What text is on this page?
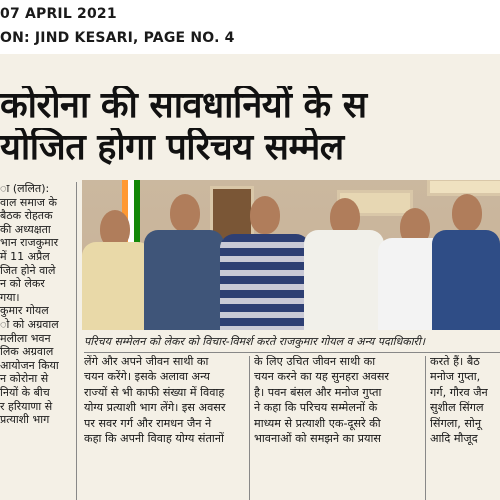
07 APRIL 2021
ON: JIND KESARI, PAGE NO. 4
कोरोना की सावधानियों के स
योजित होगा परिचय सम्मेल
ा (ललित):
वाल समाज के
बैठक रोहतक
की अध्यक्षता
भान राजकुमार
में 11 अप्रैल
जित होने वाले
न को लेकर
गया।
कुमार गोयल
ो को अग्रवाल
मलीला भवन
लिक अग्रवाल
आयोजन किया
न कोरोना से
नियों के बीच
र हरियाणा से
प्रत्याशी भाग
परिचय सम्मेलन को लेकर को विचार-विमर्श करते राजकुमार गोयल व अन्य पदाधिकारी।
लेंगे और अपने जीवन साथी का
चयन करेंगे। इसके अलावा अन्य
राज्यों से भी काफी संख्या में विवाह
योग्य प्रत्याशी भाग लेंगे। इस अवसर
पर सवर गर्ग और रामधन जैन ने
कहा कि अपनी विवाह योग्य संतानों
के लिए उचित जीवन साथी का
चयन करने का यह सुनहरा अवसर
है। पवन बंसल और मनोज गुप्ता
ने कहा कि परिचय सम्मेलनों के
माध्यम से प्रत्याशी एक-दूसरे की
भावनाओं को समझने का प्रयास
करते हैं। बैठ
मनोज गुप्ता,
गर्ग, गौरव जैन
सुशील सिंगल
सिंगला, सोनू
आदि मौजूद
